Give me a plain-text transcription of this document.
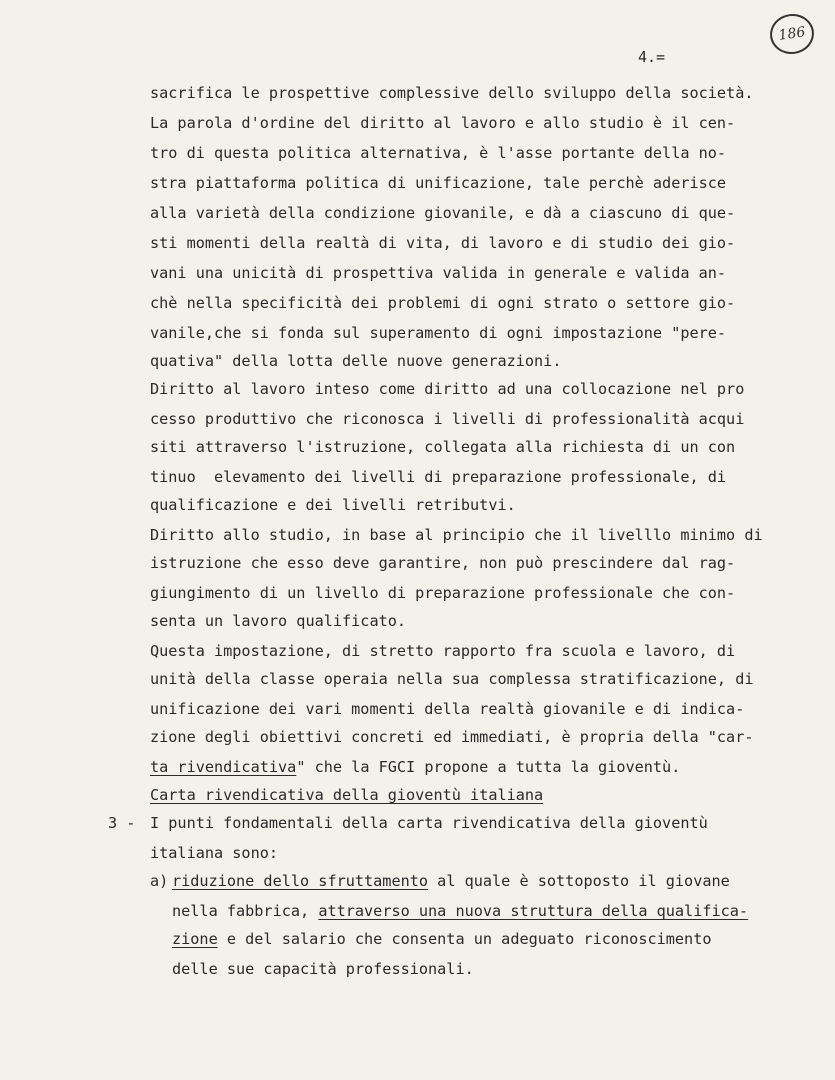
186
4.=
sacrifica le prospettive complessive dello sviluppo della società.
La parola d'ordine del diritto al lavoro e allo studio è il cen-
tro di questa politica alternativa, è l'asse portante della no-
stra piattaforma politica di unificazione, tale perchè aderisce
alla varietà della condizione giovanile, e dà a ciascuno di que-
sti momenti della realtà di vita, di lavoro e di studio dei gio-
vani una unicità di prospettiva valida in generale e valida an-
chè nella specificità dei problemi di ogni strato o settore gio-
vanile,che si fonda sul superamento di ogni impostazione "pere-
quativa" della lotta delle nuove generazioni.
Diritto al lavoro inteso come diritto ad una collocazione nel pro
cesso produttivo che riconosca i livelli di professionalità acqui
siti attraverso l'istruzione, collegata alla richiesta di un con
tinuo  elevamento dei livelli di preparazione professionale, di
qualificazione e dei livelli retributvi.
Diritto allo studio, in base al principio che il livelllo minimo di
istruzione che esso deve garantire, non può prescindere dal rag-
giungimento di un livello di preparazione professionale che con-
senta un lavoro qualificato.
Questa impostazione, di stretto rapporto fra scuola e lavoro, di
unità della classe operaia nella sua complessa stratificazione, di
unificazione dei vari momenti della realtà giovanile e di indica-
zione degli obiettivi concreti ed immediati, è propria della "car-
ta rivendicativa" che la FGCI propone a tutta la gioventù.
Carta rivendicativa della gioventù italiana
3 - I punti fondamentali della carta rivendicativa della gioventù
italiana sono:
a) riduzione dello sfruttamento al quale è sottoposto il giovane
nella fabbrica, attraverso una nuova struttura della qualifica-
zione e del salario che consenta un adeguato riconoscimento
delle sue capacità professionali.
